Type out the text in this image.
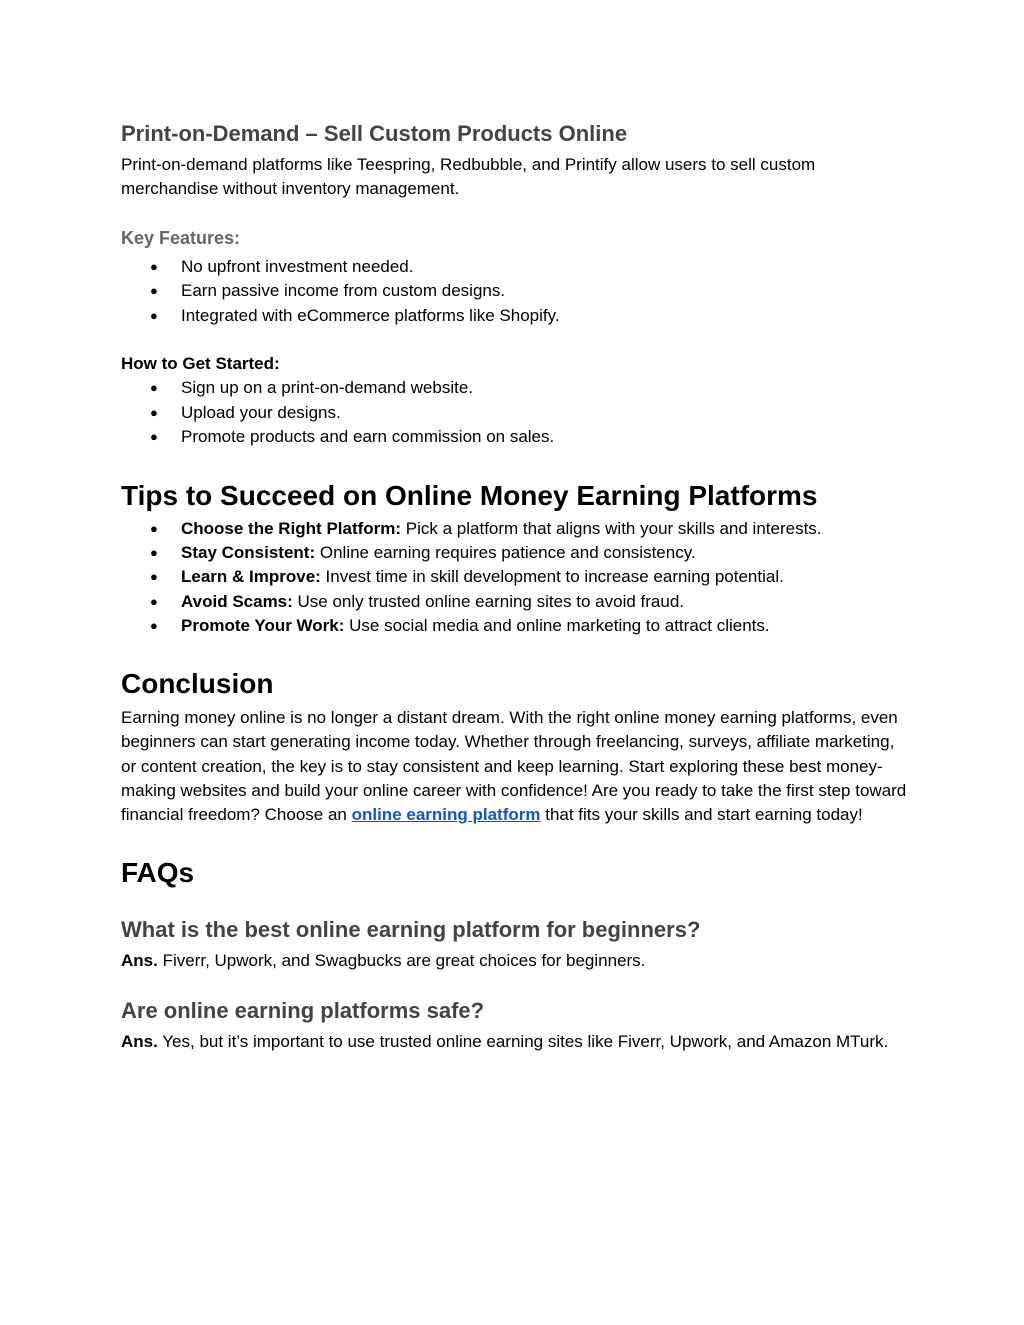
Print-on-Demand – Sell Custom Products Online

Print-on-demand platforms like Teespring, Redbubble, and Printify allow users to sell custom merchandise without inventory management.

Key Features:
● No upfront investment needed.
● Earn passive income from custom designs.
● Integrated with eCommerce platforms like Shopify.

How to Get Started:

● Sign up on a print-on-demand website.
● Upload your designs.
● Promote products and earn commission on sales.
Tips to Succeed on Online Money Earning Platforms
● Choose the Right Platform: Pick a platform that aligns with your skills and interests.
● Stay Consistent: Online earning requires patience and consistency.
● Learn & Improve: Invest time in skill development to increase earning potential.
● Avoid Scams: Use only trusted online earning sites to avoid fraud.
● Promote Your Work: Use social media and online marketing to attract clients.
Conclusion

Earning money online is no longer a distant dream. With the right online money earning platforms, even beginners can start generating income today. Whether through freelancing, surveys, affiliate marketing, or content creation, the key is to stay consistent and keep learning. Start exploring these best money-making websites and build your online career with confidence! Are you ready to take the first step toward financial freedom? Choose an online earning platform that fits your skills and start earning today!

FAQs
What is the best online earning platform for beginners?

Ans. Fiverr, Upwork, and Swagbucks are great choices for beginners.

Are online earning platforms safe?

Ans. Yes, but it’s important to use trusted online earning sites like Fiverr, Upwork, and Amazon MTurk.
